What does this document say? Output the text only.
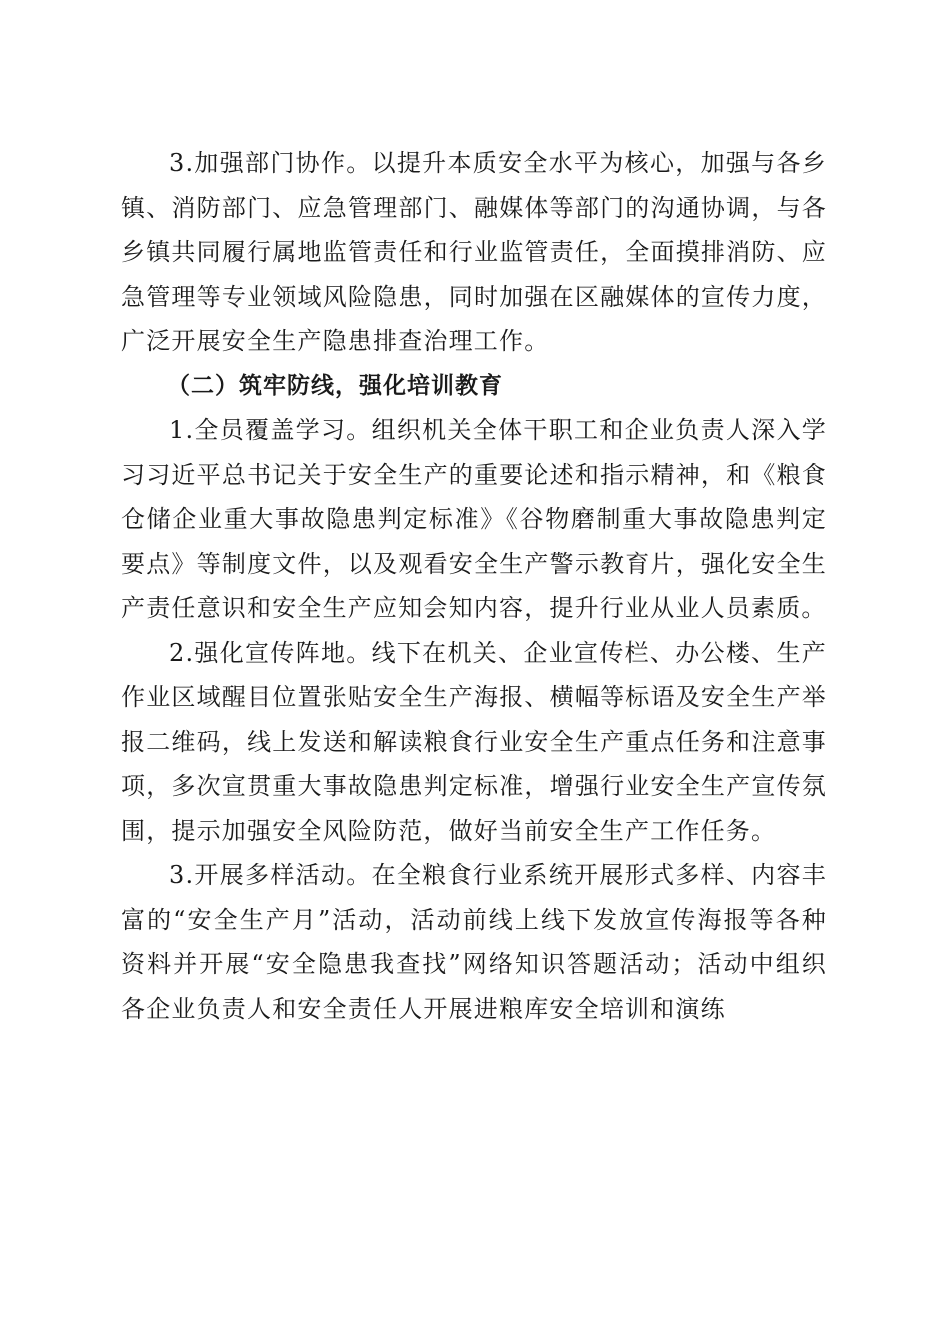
3.加强部门协作。以提升本质安全水平为核心，加强与各乡镇、消防部门、应急管理部门、融媒体等部门的沟通协调，与各乡镇共同履行属地监管责任和行业监管责任，全面摸排消防、应急管理等专业领域风险隐患，同时加强在区融媒体的宣传力度，广泛开展安全生产隐患排查治理工作。

（二）筑牢防线，强化培训教育

1.全员覆盖学习。组织机关全体干职工和企业负责人深入学习习近平总书记关于安全生产的重要论述和指示精神，和《粮食仓储企业重大事故隐患判定标准》《谷物磨制重大事故隐患判定要点》等制度文件，以及观看安全生产警示教育片，强化安全生产责任意识和安全生产应知会知内容，提升行业从业人员素质。

2.强化宣传阵地。线下在机关、企业宣传栏、办公楼、生产作业区域醒目位置张贴安全生产海报、横幅等标语及安全生产举报二维码，线上发送和解读粮食行业安全生产重点任务和注意事项，多次宣贯重大事故隐患判定标准，增强行业安全生产宣传氛围，提示加强安全风险防范，做好当前安全生产工作任务。

3.开展多样活动。在全粮食行业系统开展形式多样、内容丰富的“安全生产月”活动，活动前线上线下发放宣传海报等各种资料并开展“安全隐患我查找”网络知识答题活动；活动中组织各企业负责人和安全责任人开展进粮库安全培训和演练
